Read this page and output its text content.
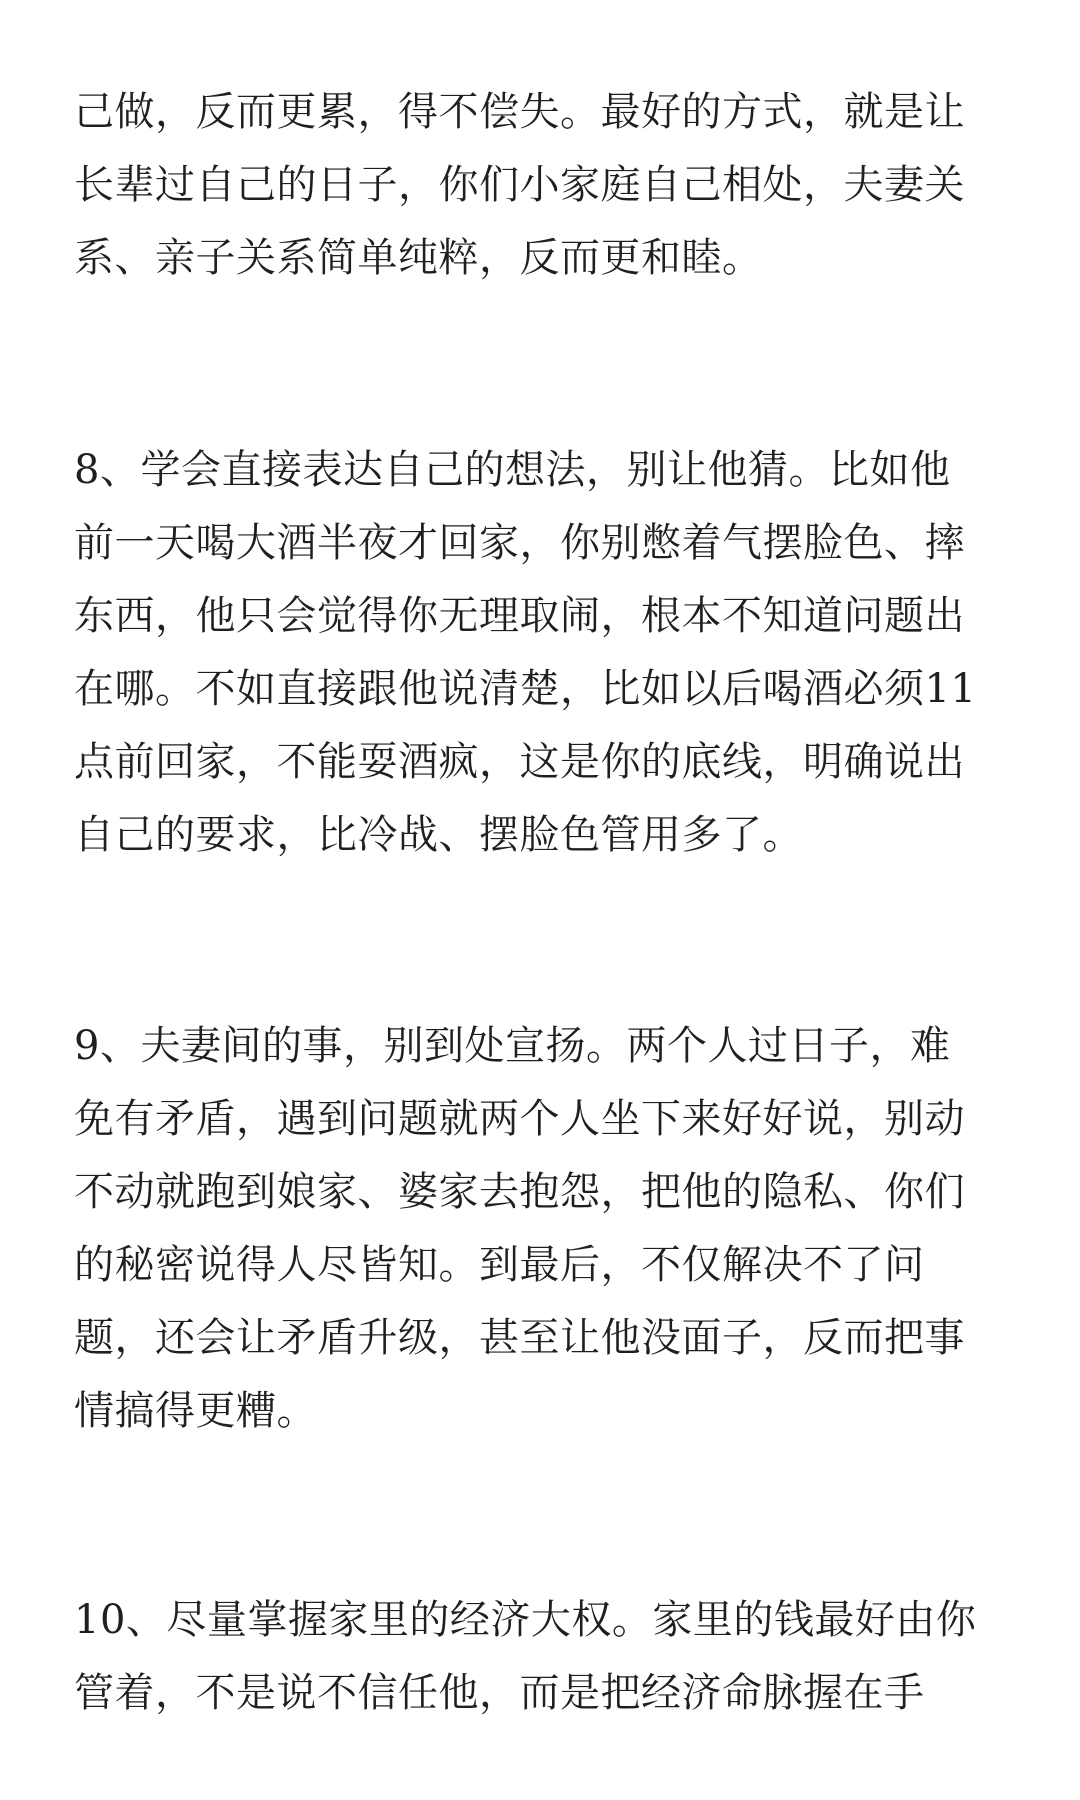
己做，反而更累，得不偿失。最好的方式，就是让
长辈过自己的日子，你们小家庭自己相处，夫妻关
系、亲子关系简单纯粹，反而更和睦。

8、学会直接表达自己的想法，别让他猜。比如他
前一天喝大酒半夜才回家，你别憋着气摆脸色、摔
东西，他只会觉得你无理取闹，根本不知道问题出
在哪。不如直接跟他说清楚，比如以后喝酒必须11
点前回家，不能耍酒疯，这是你的底线，明确说出
自己的要求，比冷战、摆脸色管用多了。

9、夫妻间的事，别到处宣扬。两个人过日子，难
免有矛盾，遇到问题就两个人坐下来好好说，别动
不动就跑到娘家、婆家去抱怨，把他的隐私、你们
的秘密说得人尽皆知。到最后，不仅解决不了问
题，还会让矛盾升级，甚至让他没面子，反而把事
情搞得更糟。

10、尽量掌握家里的经济大权。家里的钱最好由你
管着，不是说不信任他，而是把经济命脉握在手
